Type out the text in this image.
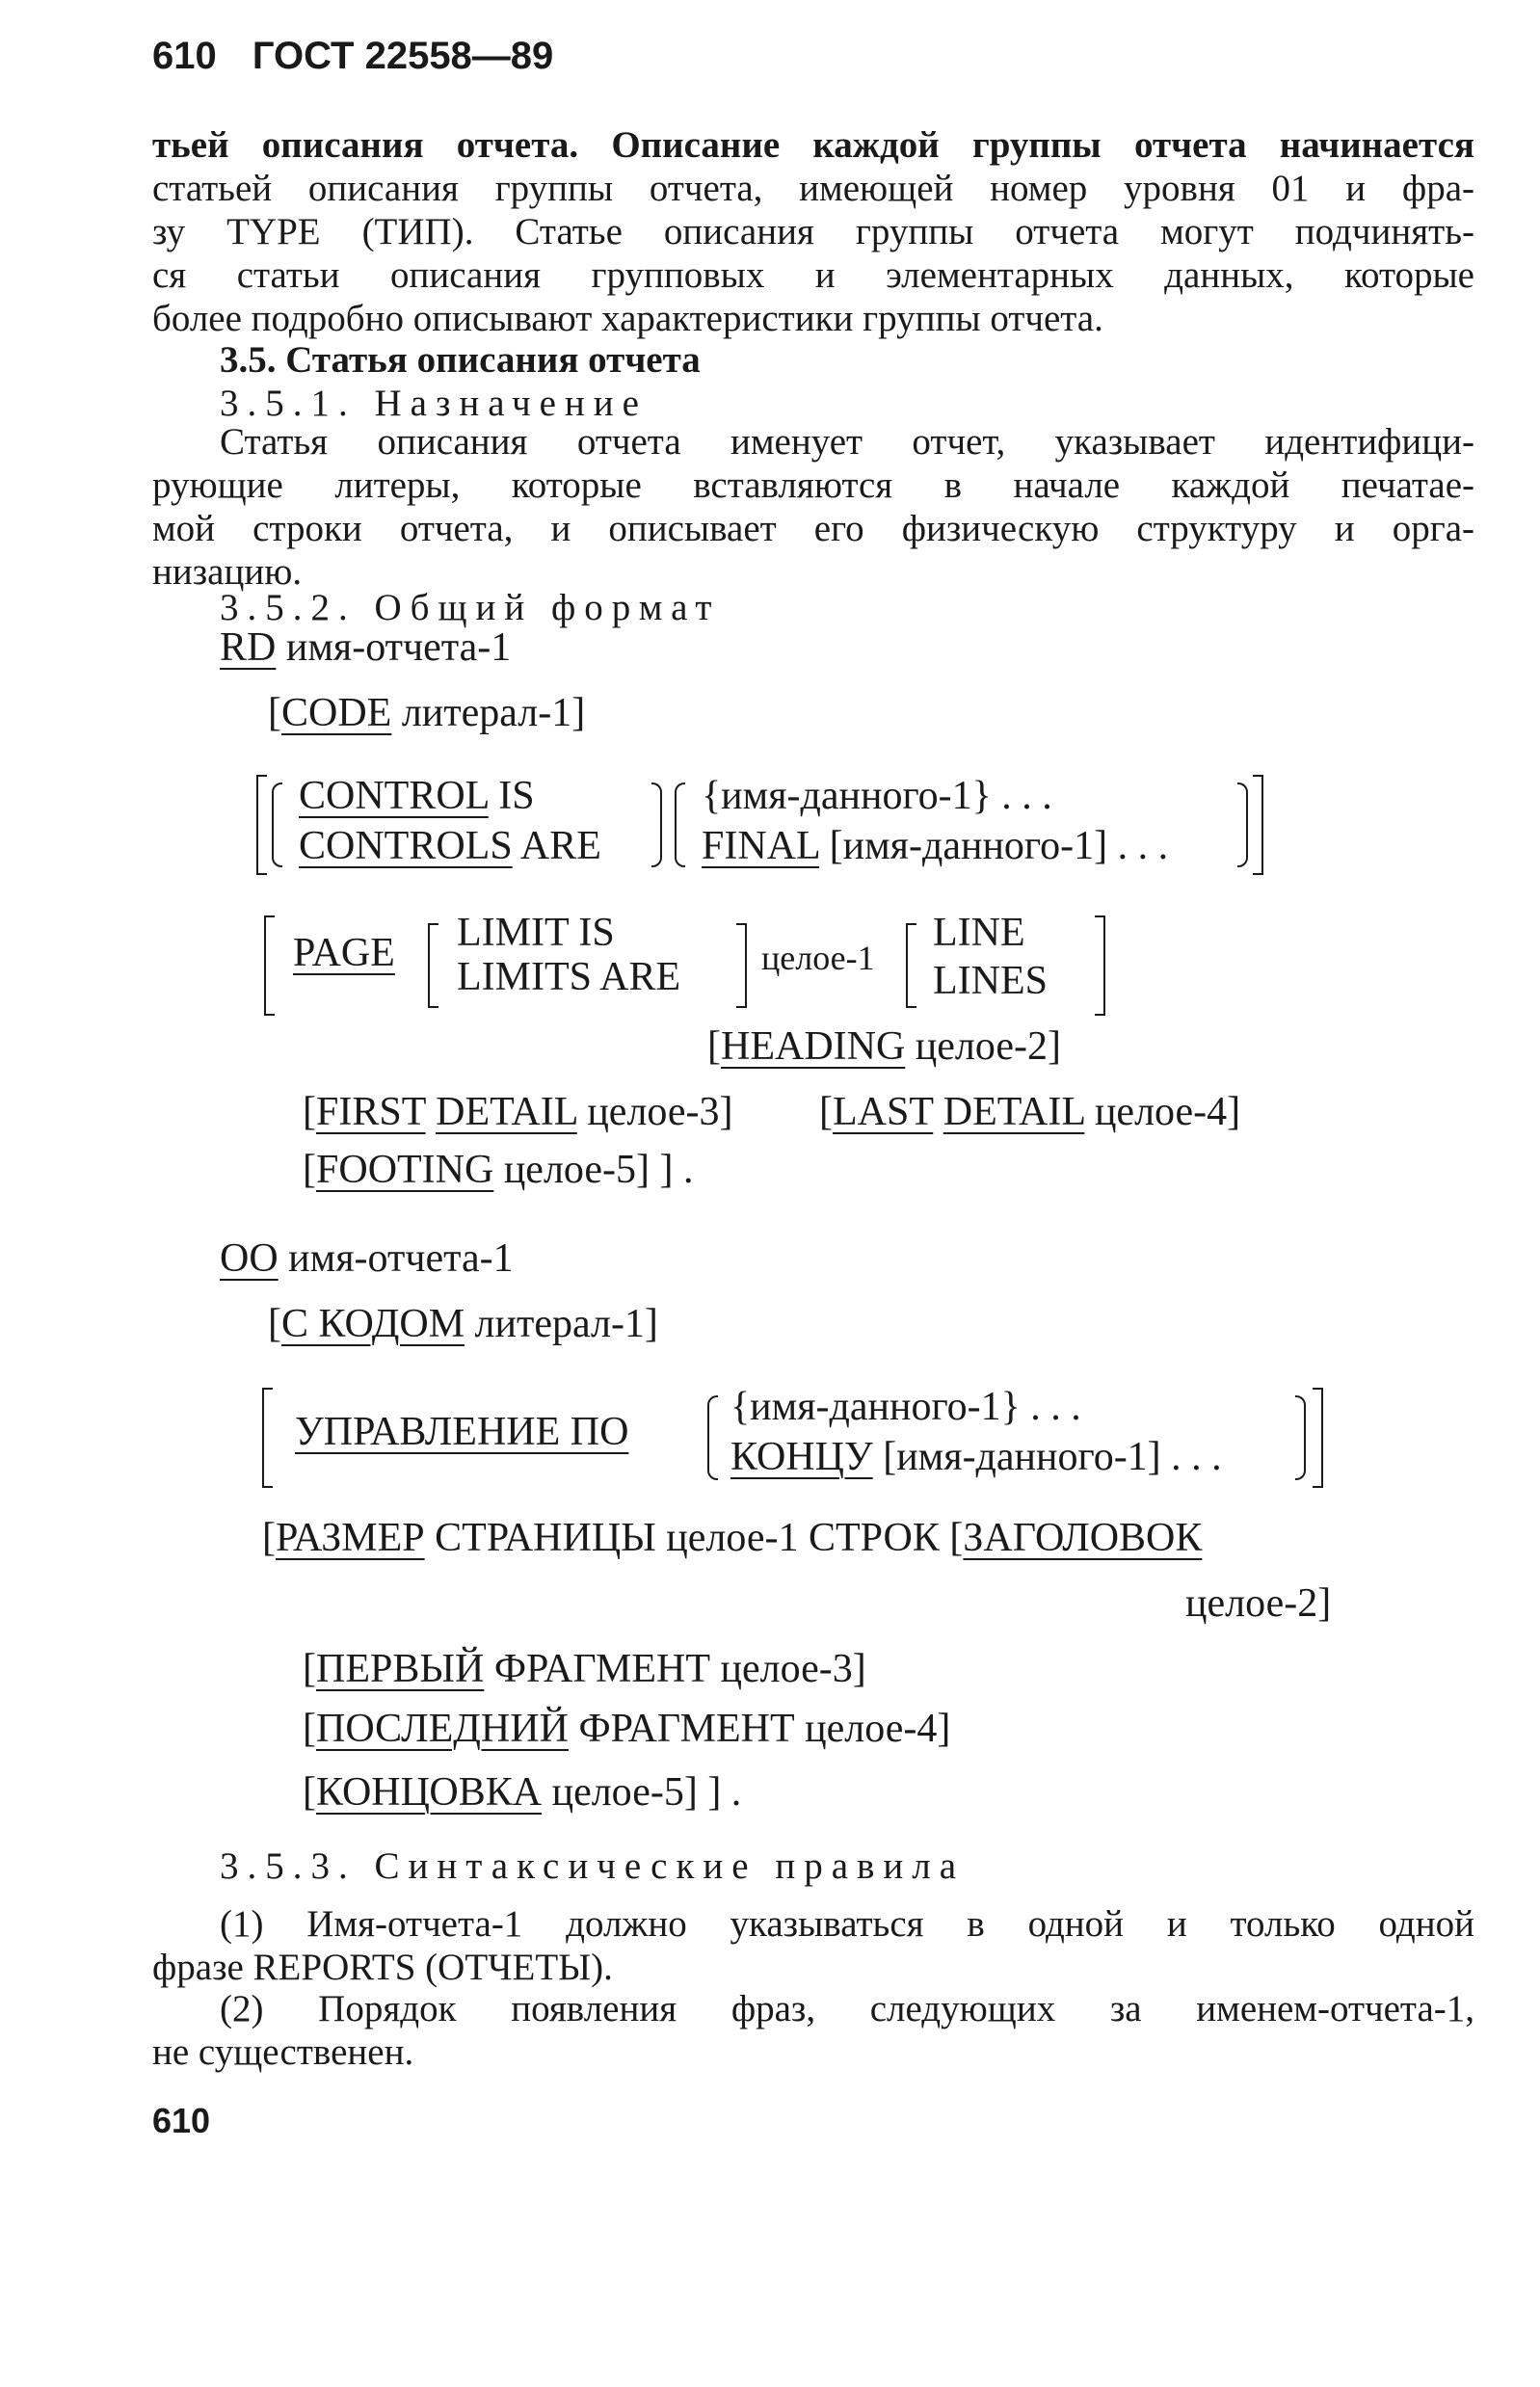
610 ГОСТ 22558—89
тьей описания отчета. Описание каждой группы отчета начинается
статьей описания группы отчета, имеющей номер уровня 01 и фра-
зу TYPE (ТИП). Статье описания группы отчета могут подчинять-
ся статьи описания групповых и элементарных данных, которые
более подробно описывают характеристики группы отчета.
3.5. Статья описания отчета
3.5.1. Назначение
Статья описания отчета именует отчет, указывает идентифици-
рующие литеры, которые вставляются в начале каждой печатае-
мой строки отчета, и описывает его физическую структуру и орга-
низацию.
3.5.2. Общий формат
RD имя-отчета-1
[CODE литерал-1]
CONTROL IS
CONTROLS ARE
{имя-данного-1} . . .
FINAL [имя-данного-1] . . .
PAGE LIMIT IS
LIMITS ARE целое-1
LINE
LINES
[HEADING целое-2]
[FIRST DETAIL целое-3] [LAST DETAIL целое-4]
[FOOTING целое-5] ] .
ОО имя-отчета-1
[С КОДОМ литерал-1]
УПРАВЛЕНИЕ ПО
{имя-данного-1} . . .
КОНЦУ [имя-данного-1] . . .
[РАЗМЕР СТРАНИЦЫ целое-1 СТРОК [ЗАГОЛОВОК
целое-2]
[ПЕРВЫЙ ФРАГМЕНТ целое-3]
[ПОСЛЕДНИЙ ФРАГМЕНТ целое-4]
[КОНЦОВКА целое-5] ] .
3.5.3. Синтаксические правила
(1) Имя-отчета-1 должно указываться в одной и только одной
фразе REPORTS (ОТЧЕТЫ).
(2) Порядок появления фраз, следующих за именем-отчета-1,
не существенен.
610
